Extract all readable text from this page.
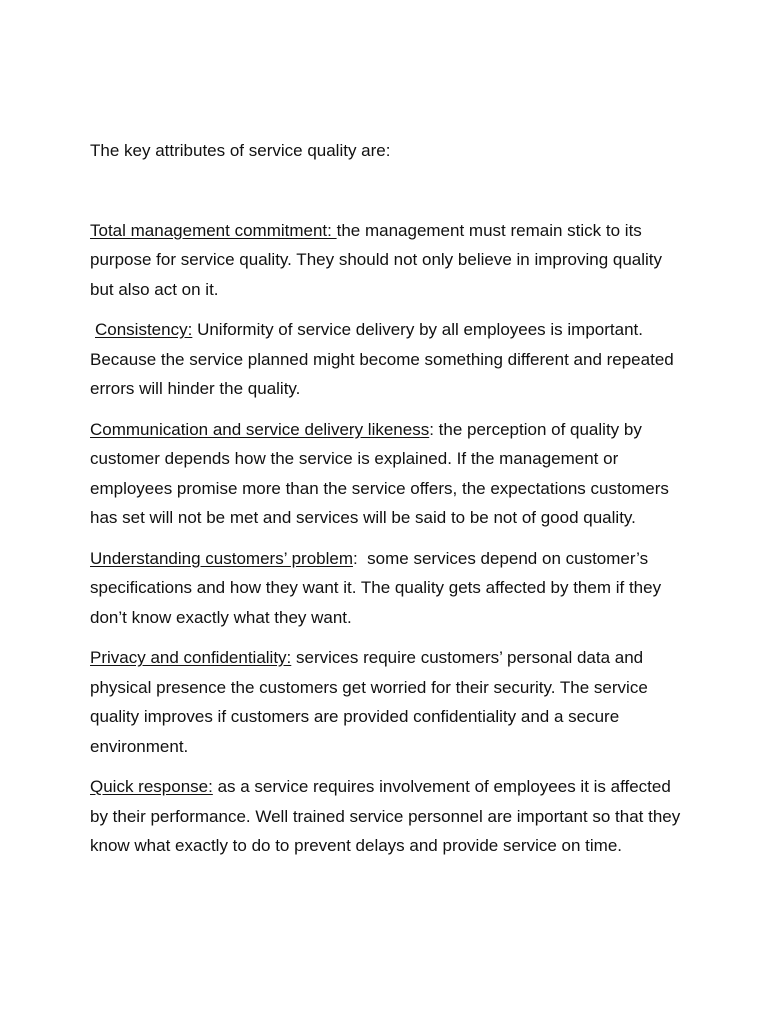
The key attributes of service quality are:

Total management commitment: the management must remain stick to its purpose for service quality. They should not only believe in improving quality but also act on it.

Consistency: Uniformity of service delivery by all employees is important. Because the service planned might become something different and repeated errors will hinder the quality.

Communication and service delivery likeness: the perception of quality by customer depends how the service is explained. If the management or employees promise more than the service offers, the expectations customers has set will not be met and services will be said to be not of good quality.

Understanding customers’ problem:  some services depend on customer’s specifications and how they want it. The quality gets affected by them if they don’t know exactly what they want.

Privacy and confidentiality: services require customers’ personal data and physical presence the customers get worried for their security. The service quality improves if customers are provided confidentiality and a secure environment.

Quick response: as a service requires involvement of employees it is affected by their performance. Well trained service personnel are important so that they know what exactly to do to prevent delays and provide service on time.
